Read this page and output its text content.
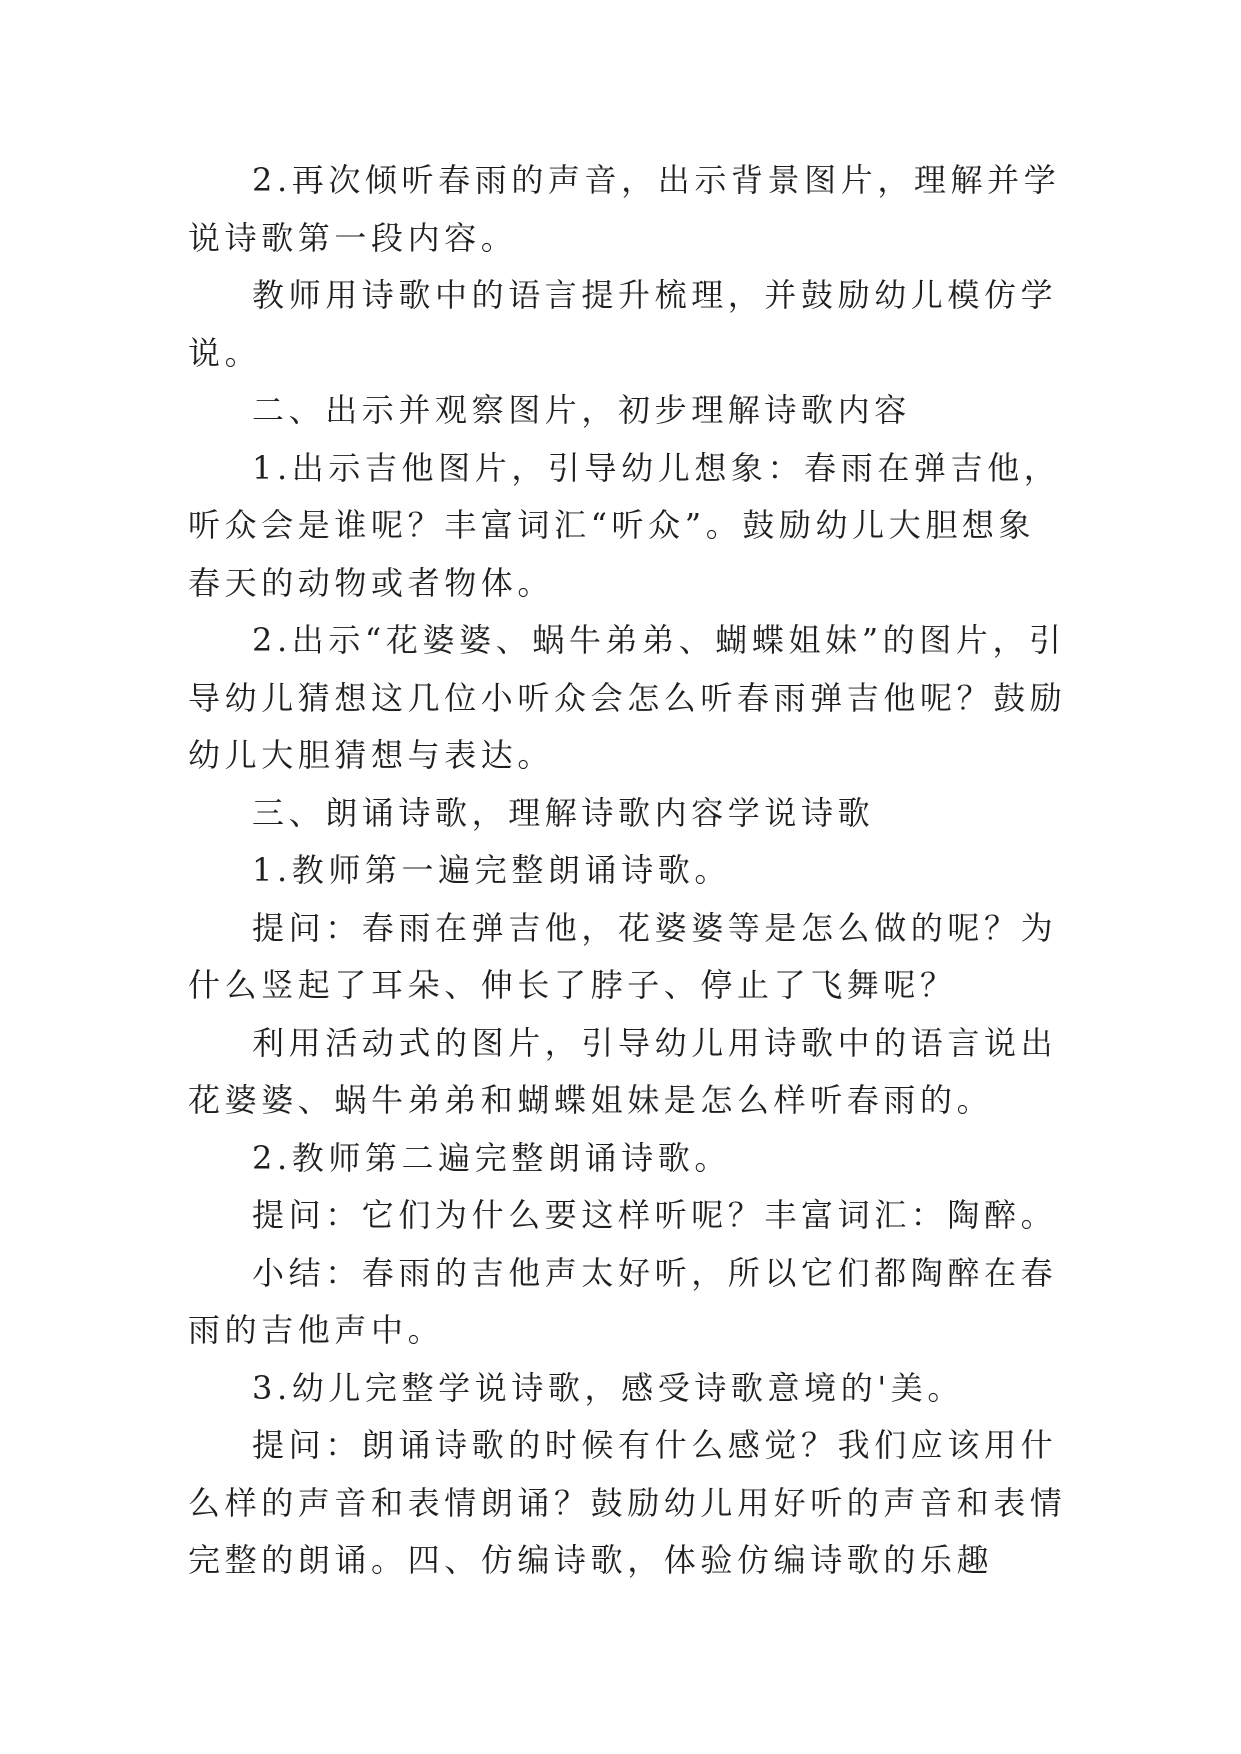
2.再次倾听春雨的声音，出示背景图片，理解并学说诗歌第一段内容。

教师用诗歌中的语言提升梳理，并鼓励幼儿模仿学说。

二、出示并观察图片，初步理解诗歌内容

1.出示吉他图片，引导幼儿想象：春雨在弹吉他，听众会是谁呢？丰富词汇“听众”。鼓励幼儿大胆想象春天的动物或者物体。

2.出示“花婆婆、蜗牛弟弟、蝴蝶姐妹”的图片，引导幼儿猜想这几位小听众会怎么听春雨弹吉他呢？鼓励幼儿大胆猜想与表达。

三、朗诵诗歌，理解诗歌内容学说诗歌

1.教师第一遍完整朗诵诗歌。

提问：春雨在弹吉他，花婆婆等是怎么做的呢？为什么竖起了耳朵、伸长了脖子、停止了飞舞呢？

利用活动式的图片，引导幼儿用诗歌中的语言说出花婆婆、蜗牛弟弟和蝴蝶姐妹是怎么样听春雨的。

2.教师第二遍完整朗诵诗歌。

提问：它们为什么要这样听呢？丰富词汇：陶醉。

小结：春雨的吉他声太好听，所以它们都陶醉在春雨的吉他声中。

3.幼儿完整学说诗歌，感受诗歌意境的'美。

提问：朗诵诗歌的时候有什么感觉？我们应该用什么样的声音和表情朗诵？鼓励幼儿用好听的声音和表情完整的朗诵。四、仿编诗歌，体验仿编诗歌的乐趣
